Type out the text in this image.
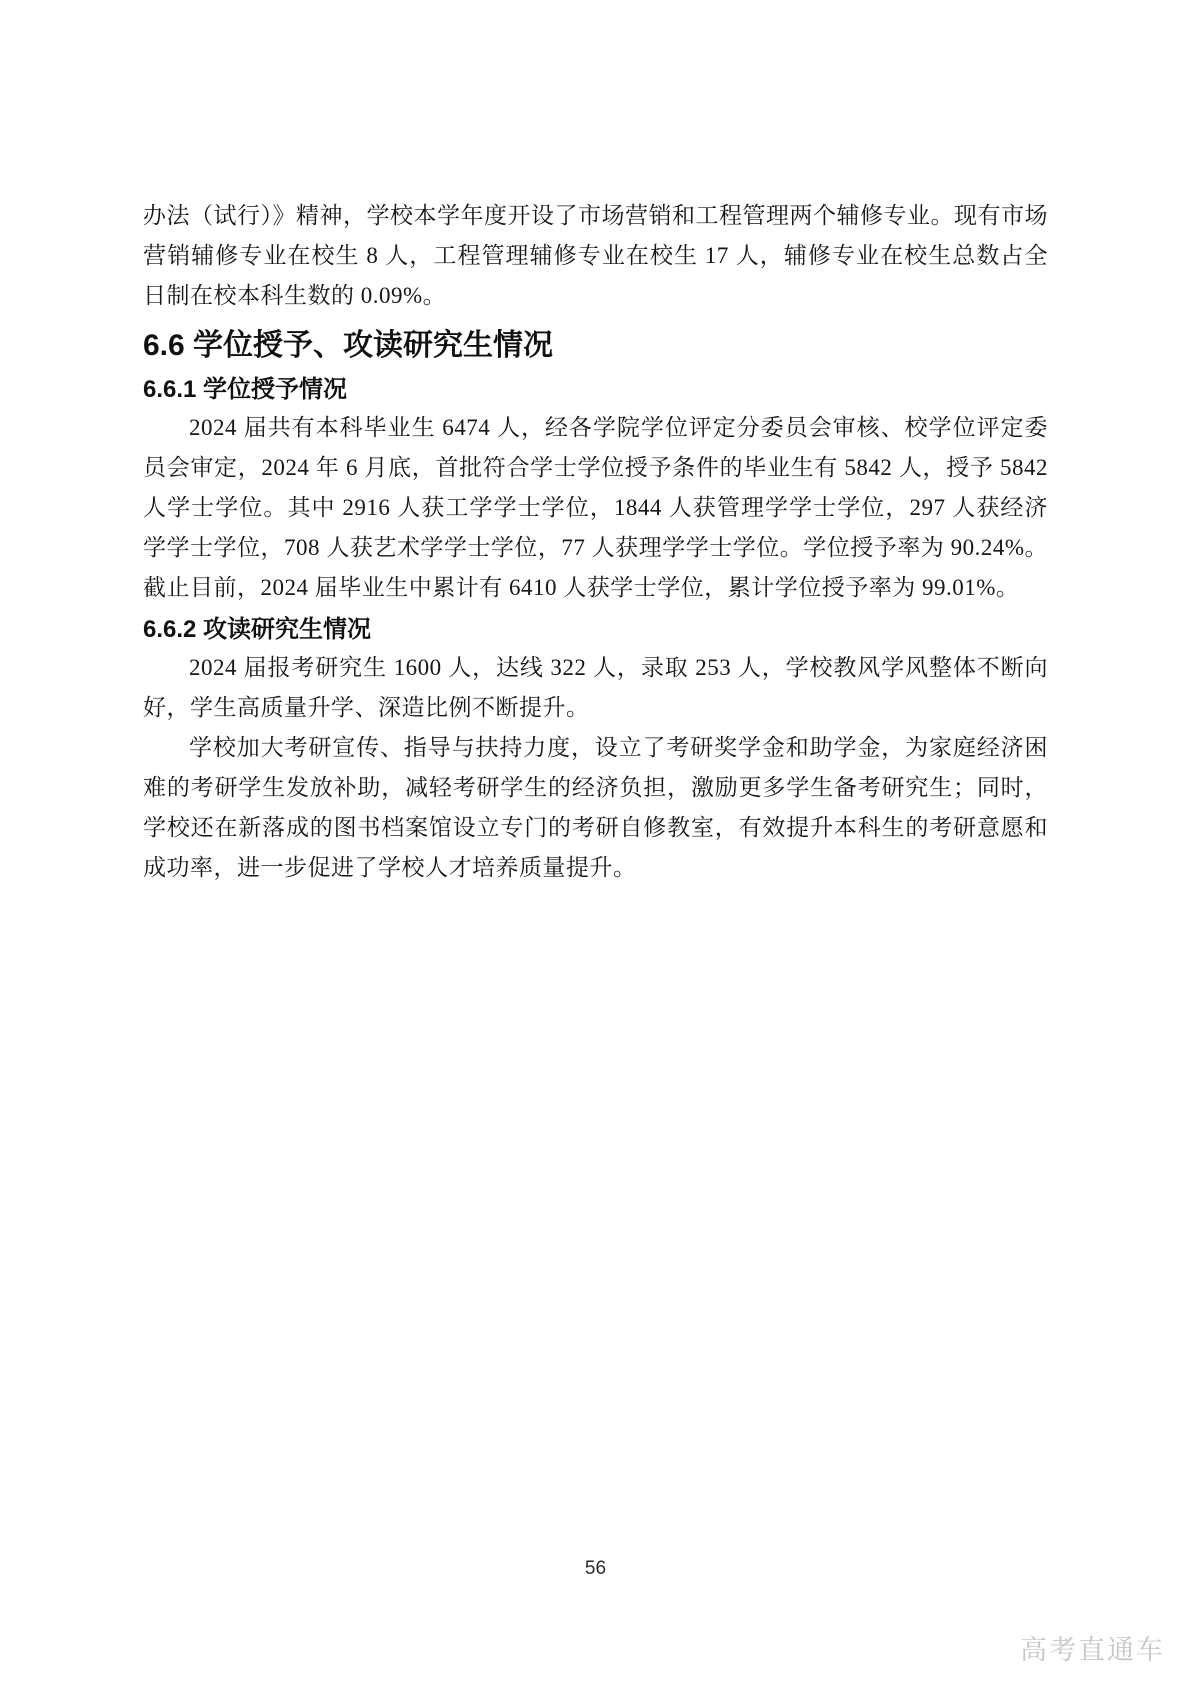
办法（试行）》精神，学校本学年度开设了市场营销和工程管理两个辅修专业。现有市场营销辅修专业在校生 8 人，工程管理辅修专业在校生 17 人，辅修专业在校生总数占全日制在校本科生数的 0.09%。

6.6 学位授予、攻读研究生情况
6.6.1 学位授予情况

2024 届共有本科毕业生 6474 人，经各学院学位评定分委员会审核、校学位评定委员会审定，2024 年 6 月底，首批符合学士学位授予条件的毕业生有 5842 人，授予 5842 人学士学位。其中 2916 人获工学学士学位，1844 人获管理学学士学位，297 人获经济学学士学位，708 人获艺术学学士学位，77 人获理学学士学位。学位授予率为 90.24%。截止目前，2024 届毕业生中累计有 6410 人获学士学位，累计学位授予率为 99.01%。

6.6.2 攻读研究生情况

2024 届报考研究生 1600 人，达线 322 人，录取 253 人，学校教风学风整体不断向好，学生高质量升学、深造比例不断提升。

学校加大考研宣传、指导与扶持力度，设立了考研奖学金和助学金，为家庭经济困难的考研学生发放补助，减轻考研学生的经济负担，激励更多学生备考研究生；同时，学校还在新落成的图书档案馆设立专门的考研自修教室，有效提升本科生的考研意愿和成功率，进一步促进了学校人才培养质量提升。

56
高考直通车
